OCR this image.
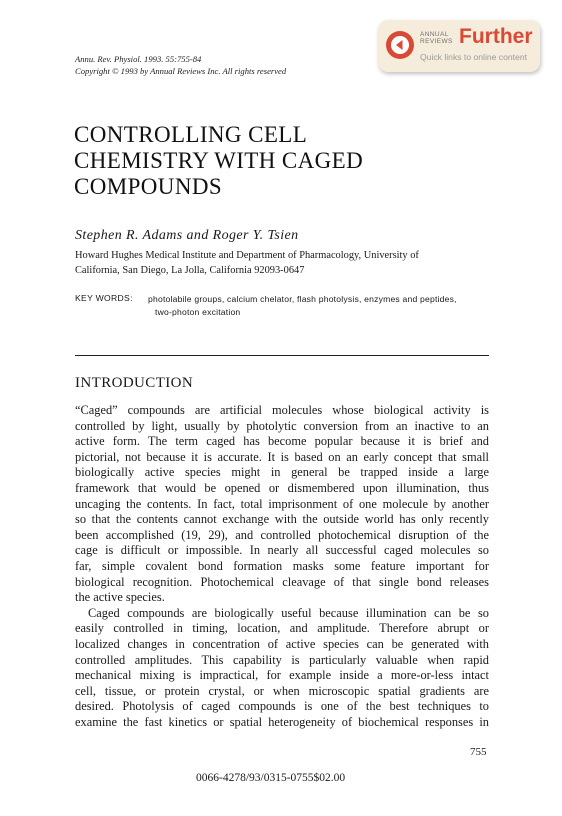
Annu. Rev. Physiol. 1993. 55:755-84
Copyright © 1993 by Annual Reviews Inc. All rights reserved
ANNUAL
REVIEWS Further
Quick links to online content
CONTROLLING CELL
CHEMISTRY WITH CAGED
COMPOUNDS
Stephen R. Adams and Roger Y. Tsien
Howard Hughes Medical Institute and Department of Pharmacology, University of
California, San Diego, La Jolla, California 92093-0647
KEY WORDS: photolabile groups, calcium chelator, flash photolysis, enzymes and peptides,
two-photon excitation
INTRODUCTION
“Caged” compounds are artificial molecules whose biological activity is
controlled by light, usually by photolytic conversion from an inactive to an
active form. The term caged has become popular because it is brief and
pictorial, not because it is accurate. It is based on an early concept that small
biologically active species might in general be trapped inside a large
framework that would be opened or dismembered upon illumination, thus
uncaging the contents. In fact, total imprisonment of one molecule by another
so that the contents cannot exchange with the outside world has only recently
been accomplished (19, 29), and controlled photochemical disruption of the
cage is difficult or impossible. In nearly all successful caged molecules so
far, simple covalent bond formation masks some feature important for
biological recognition. Photochemical cleavage of that single bond releases
the active species.
Caged compounds are biologically useful because illumination can be so
easily controlled in timing, location, and amplitude. Therefore abrupt or
localized changes in concentration of active species can be generated with
controlled amplitudes. This capability is particularly valuable when rapid
mechanical mixing is impractical, for example inside a more-or-less intact
cell, tissue, or protein crystal, or when microscopic spatial gradients are
desired. Photolysis of caged compounds is one of the best techniques to
examine the fast kinetics or spatial heterogeneity of biochemical responses in
755
0066-4278/93/0315-0755$02.00
